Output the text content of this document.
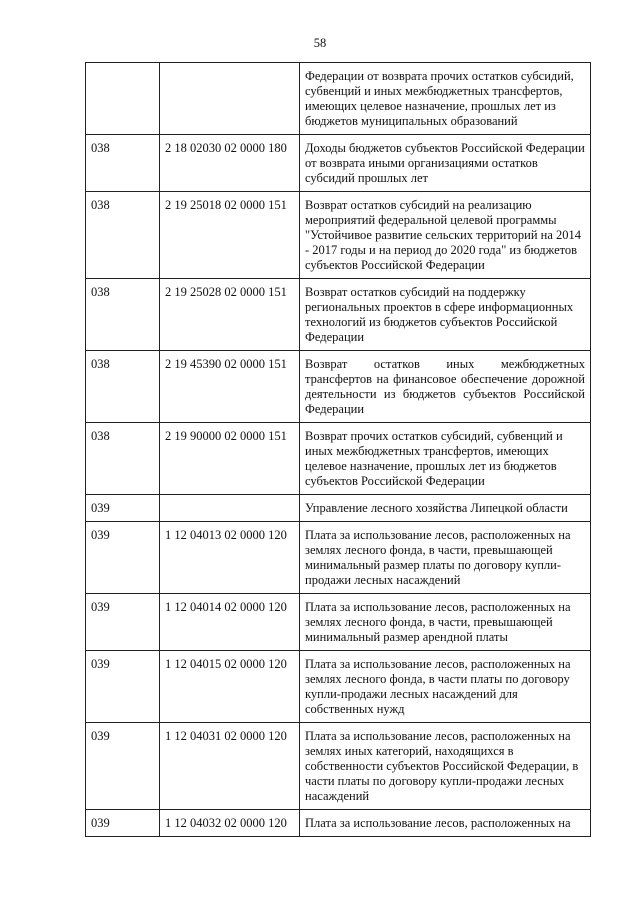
58
		Федерации от возврата прочих остатков субсидий, субвенций и иных межбюджетных трансфертов, имеющих целевое назначение, прошлых лет из бюджетов муниципальных образований
038	2 18 02030 02 0000 180	Доходы бюджетов субъектов Российской Федерации от возврата иными организациями остатков субсидий прошлых лет
038	2 19 25018 02 0000 151	Возврат остатков субсидий на реализацию мероприятий федеральной целевой программы "Устойчивое развитие сельских территорий на 2014 - 2017 годы и на период до 2020 года" из бюджетов субъектов Российской Федерации
038	2 19 25028 02 0000 151	Возврат остатков субсидий на поддержку региональных проектов в сфере информационных технологий из бюджетов субъектов Российской Федерации
038	2 19 45390 02 0000 151	Возврат остатков иных межбюджетных трансфертов на финансовое обеспечение дорожной деятельности из бюджетов субъектов Российской Федерации
038	2 19 90000 02 0000 151	Возврат прочих остатков субсидий, субвенций и иных межбюджетных трансфертов, имеющих целевое назначение, прошлых лет из бюджетов субъектов Российской Федерации
039		Управление лесного хозяйства Липецкой области
039	1 12 04013 02 0000 120	Плата за использование лесов, расположенных на землях лесного фонда, в части, превышающей минимальный размер платы по договору купли-продажи лесных насаждений
039	1 12 04014 02 0000 120	Плата за использование лесов, расположенных на землях лесного фонда, в части, превышающей минимальный размер арендной платы
039	1 12 04015 02 0000 120	Плата за использование лесов, расположенных на землях лесного фонда, в части платы по договору купли-продажи лесных насаждений для собственных нужд
039	1 12 04031 02 0000 120	Плата за использование лесов, расположенных на землях иных категорий, находящихся в собственности субъектов Российской Федерации, в части платы по договору купли-продажи лесных насаждений
039	1 12 04032 02 0000 120	Плата за использование лесов, расположенных на
